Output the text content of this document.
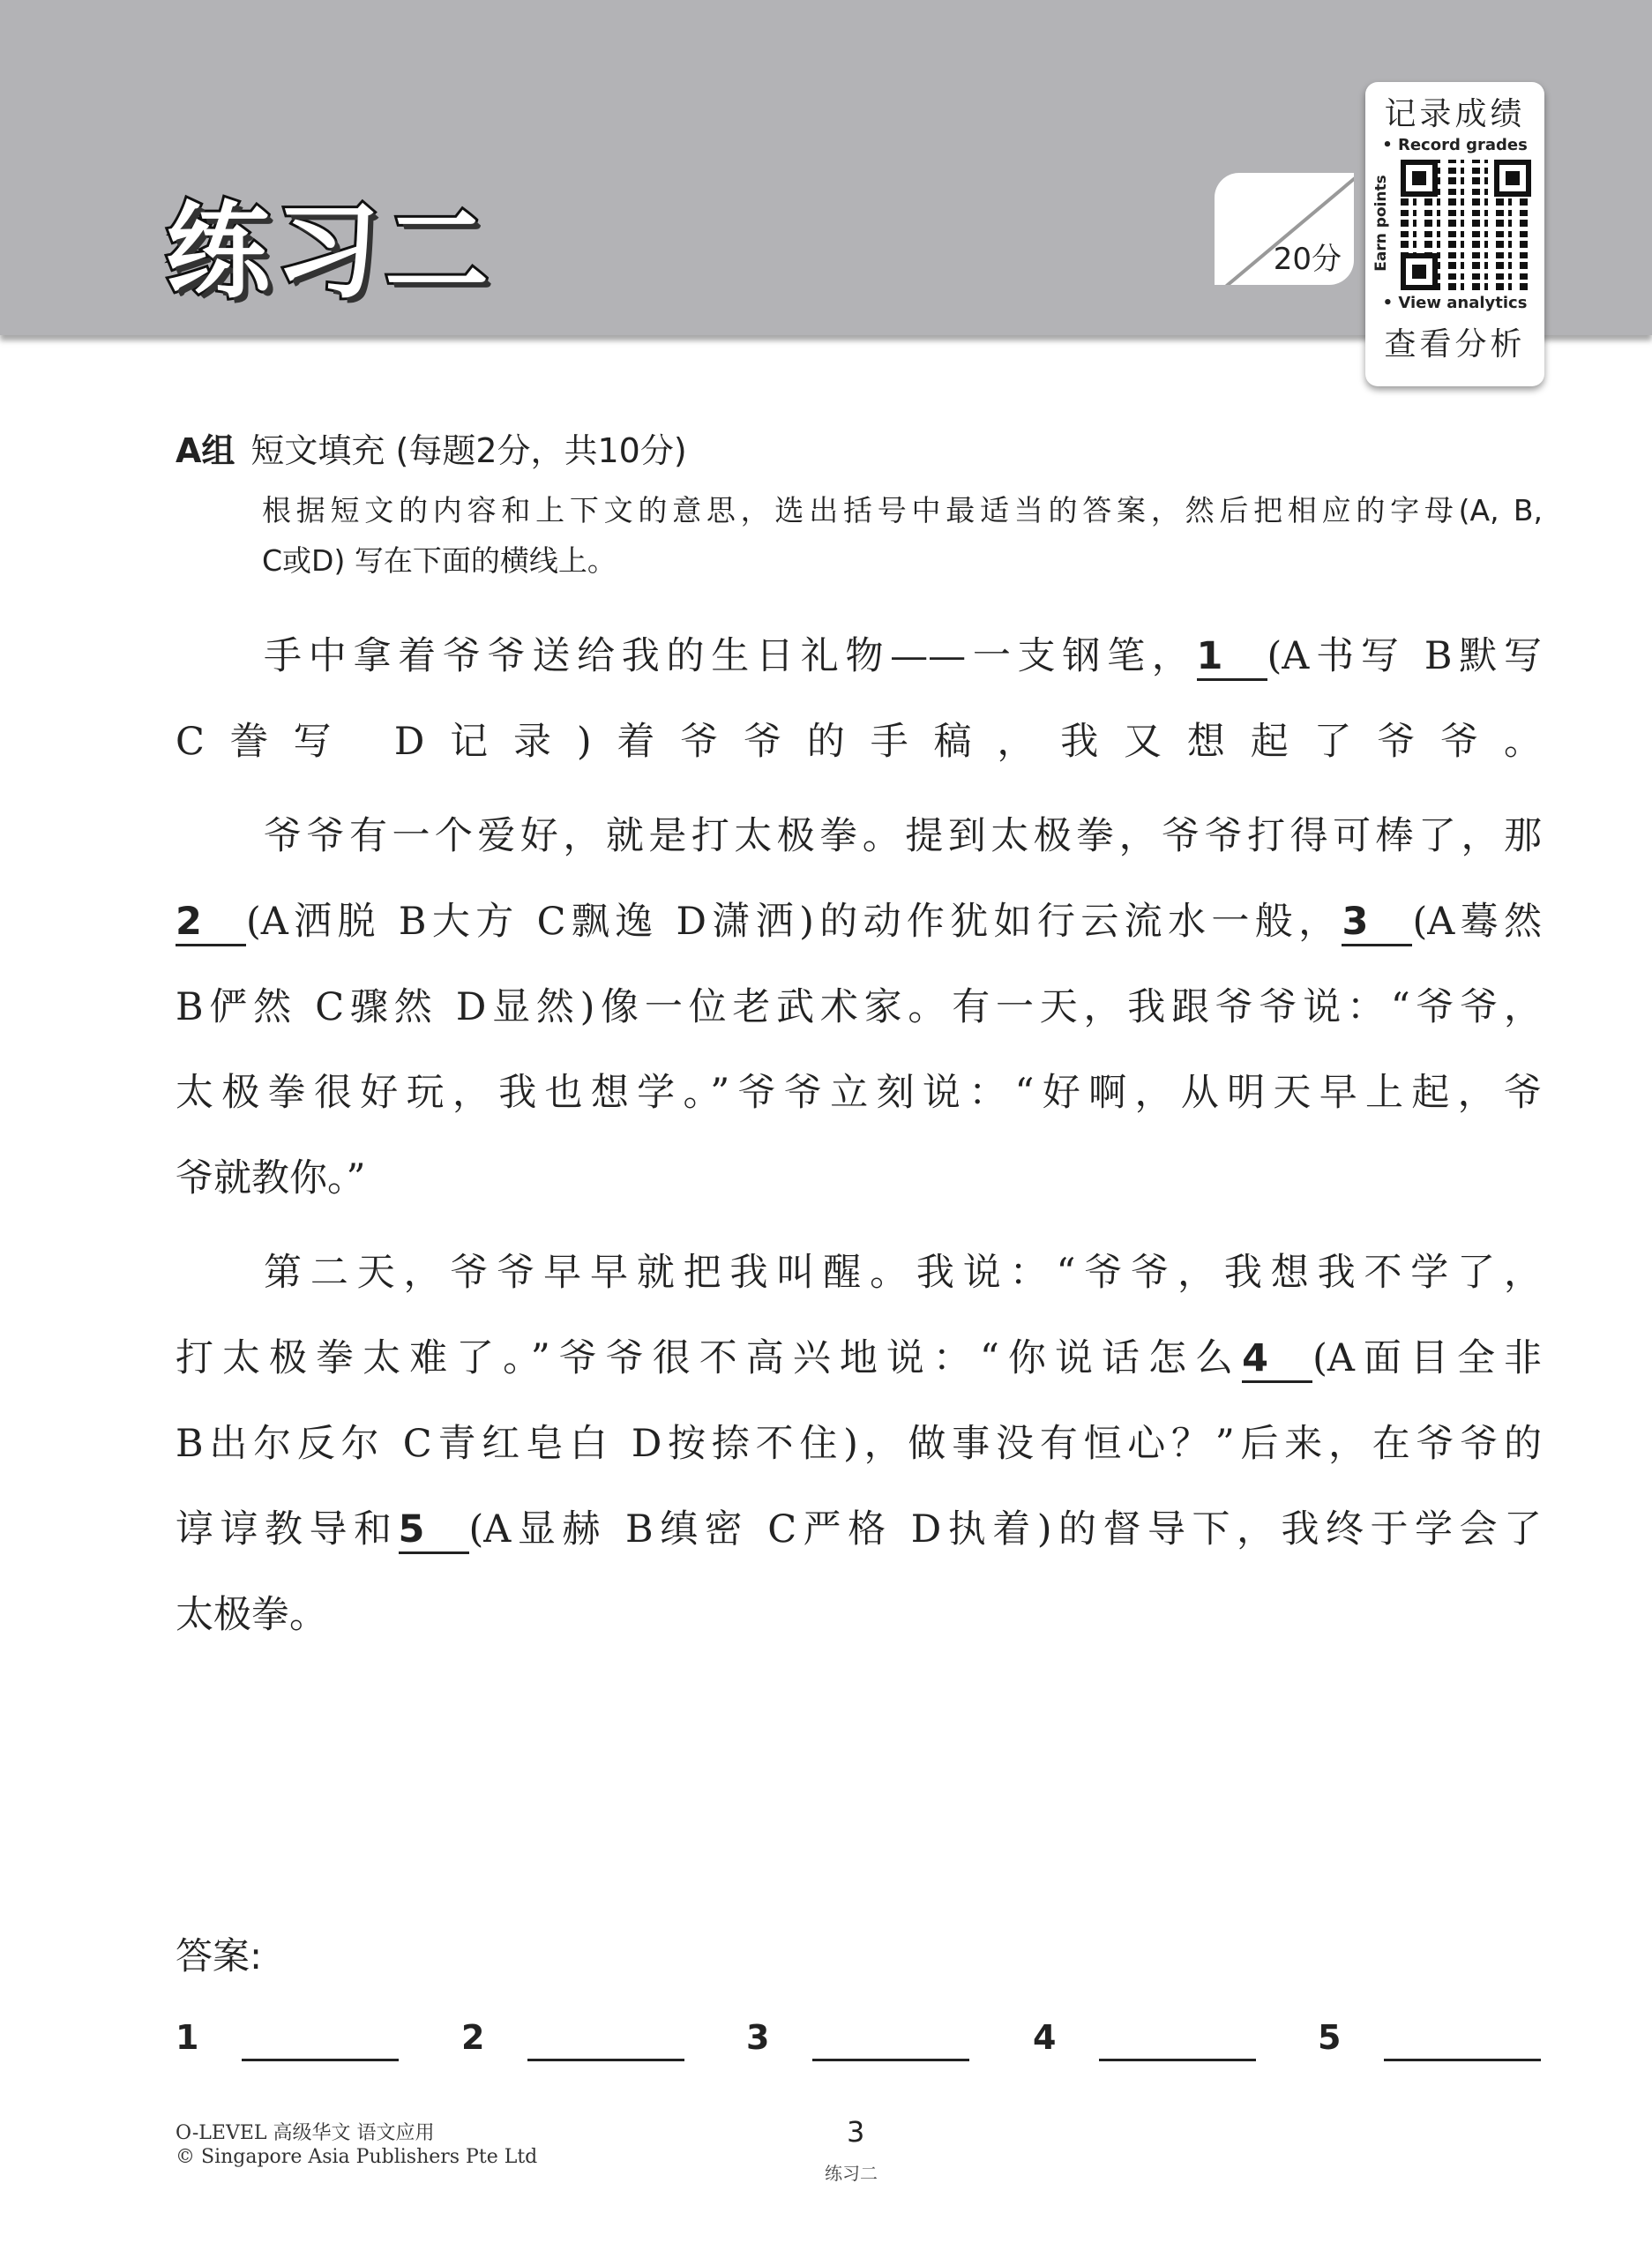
练习二	20分
记录成绩
• Record grades
Earn points
• View analytics
查看分析
A组 短文填充 (每题2分，共10分)
根据短文的内容和上下文的意思，选出括号中最适当的答案，然后把相应的字母(A, B,
C或D) 写在下面的横线上。
手中拿着爷爷送给我的生日礼物——一支钢笔，1 (A书写 B默写
C誊写 D记录)着爷爷的手稿，我又想起了爷爷。
爷爷有一个爱好，就是打太极拳。提到太极拳，爷爷打得可棒了，那
2 (A洒脱 B大方 C飘逸 D潇洒)的动作犹如行云流水一般，3 (A蓦然
B俨然 C骤然 D显然)像一位老武术家。有一天，我跟爷爷说：“爷爷，
太极拳很好玩，我也想学。”爷爷立刻说：“好啊，从明天早上起，爷
爷就教你。”
第二天，爷爷早早就把我叫醒。我说：“爷爷，我想我不学了，
打太极拳太难了。”爷爷很不高兴地说：“你说话怎么4 (A面目全非
B出尔反尔 C青红皂白 D按捺不住)，做事没有恒心？”后来，在爷爷的
谆谆教导和5 (A显赫 B缜密 C严格 D执着)的督导下，我终于学会了
太极拳。
答案:
1	2	3	4	5
O-LEVEL 高级华文 语文应用
© Singapore Asia Publishers Pte Ltd
3
练习二
